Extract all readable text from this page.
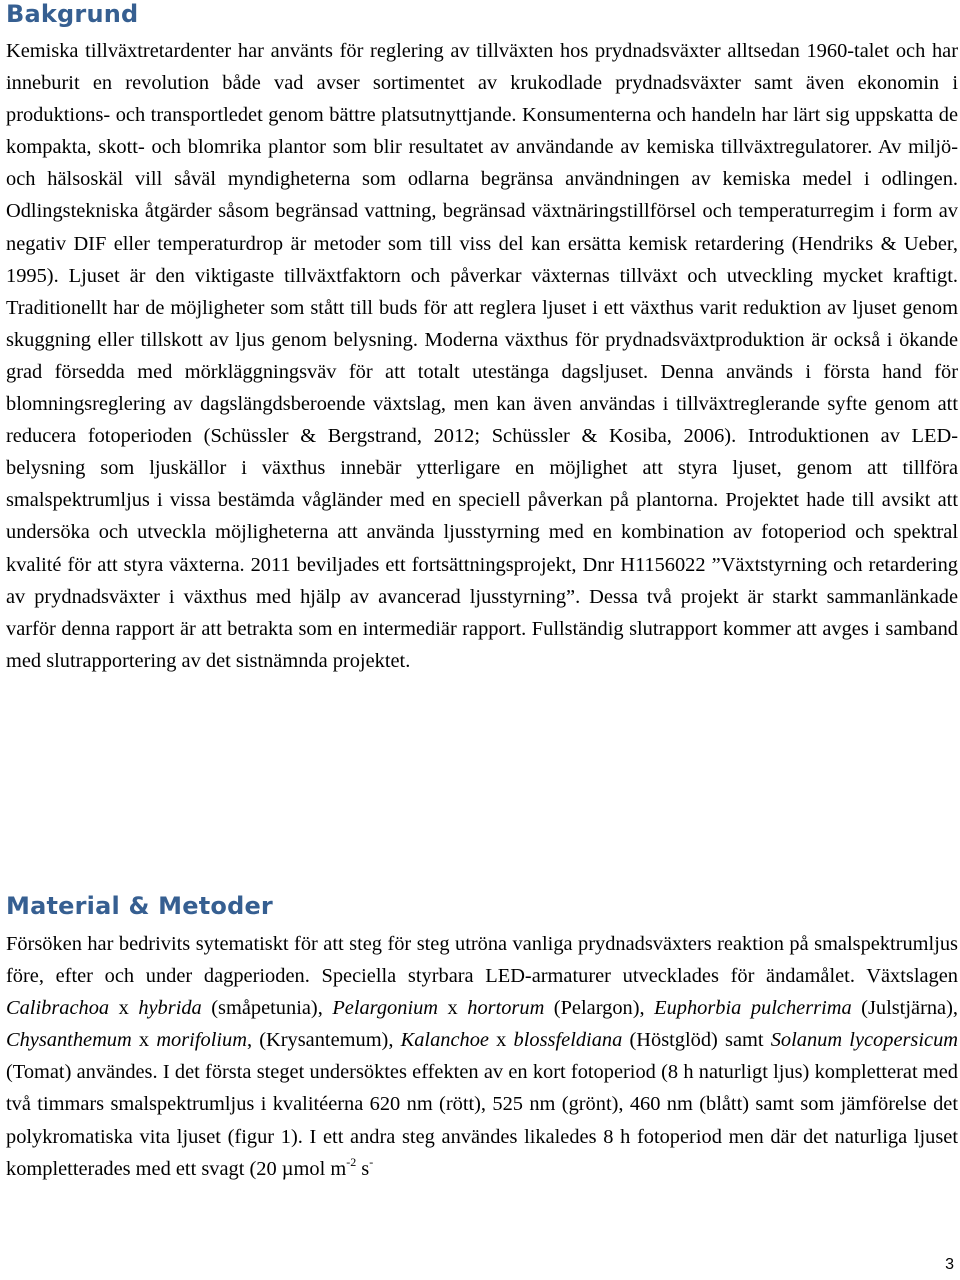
Bakgrund

Kemiska tillväxtretardenter har använts för reglering av tillväxten hos prydnadsväxter alltsedan 1960-talet och har inneburit en revolution både vad avser sortimentet av krukodlade prydnadsväxter samt även ekonomin i produktions- och transportledet genom bättre platsutnyttjande. Konsumenterna och handeln har lärt sig uppskatta de kompakta, skott- och blomrika plantor som blir resultatet av användande av kemiska tillväxtregulatorer. Av miljö- och hälsoskäl vill såväl myndigheterna som odlarna begränsa användningen av kemiska medel i odlingen. Odlingstekniska åtgärder såsom begränsad vattning, begränsad växtnäringstillförsel och temperaturregim i form av negativ DIF eller temperaturdrop är metoder som till viss del kan ersätta kemisk retardering (Hendriks & Ueber, 1995). Ljuset är den viktigaste tillväxtfaktorn och påverkar växternas tillväxt och utveckling mycket kraftigt. Traditionellt har de möjligheter som stått till buds för att reglera ljuset i ett växthus varit reduktion av ljuset genom skuggning eller tillskott av ljus genom belysning. Moderna växthus för prydnadsväxtproduktion är också i ökande grad försedda med mörkläggningsväv för att totalt utestänga dagsljuset. Denna används i första hand för blomningsreglering av dagslängdsberoende växtslag, men kan även användas i tillväxtreglerande syfte genom att reducera fotoperioden (Schüssler & Bergstrand, 2012; Schüssler & Kosiba, 2006). Introduktionen av LED-belysning som ljuskällor i växthus innebär ytterligare en möjlighet att styra ljuset, genom att tillföra smalspektrumljus i vissa bestämda vågländer med en speciell påverkan på plantorna. Projektet hade till avsikt att undersöka och utveckla möjligheterna att använda ljusstyrning med en kombination av fotoperiod och spektral kvalité för att styra växterna. 2011 beviljades ett fortsättningsprojekt, Dnr H1156022 ”Växtstyrning och retardering av prydnadsväxter i växthus med hjälp av avancerad ljusstyrning”. Dessa två projekt är starkt sammanlänkade varför denna rapport är att betrakta som en intermediär rapport. Fullständig slutrapport kommer att avges i samband med slutrapportering av det sistnämnda projektet.

Material & Metoder

Försöken har bedrivits sytematiskt för att steg för steg utröna vanliga prydnadsväxters reaktion på smalspektrumljus före, efter och under dagperioden. Speciella styrbara LED-armaturer utvecklades för ändamålet. Växtslagen Calibrachoa x hybrida (småpetunia), Pelargonium x hortorum (Pelargon), Euphorbia pulcherrima (Julstjärna), Chysanthemum x morifolium, (Krysantemum), Kalanchoe x blossfeldiana (Höstglöd) samt Solanum lycopersicum (Tomat) användes. I det första steget undersöktes effekten av en kort fotoperiod (8 h naturligt ljus) kompletterat med två timmars smalspektrumljus i kvalitéerna 620 nm (rött), 525 nm (grönt), 460 nm (blått) samt som jämförelse det polykromatiska vita ljuset (figur 1). I ett andra steg användes likaledes 8 h fotoperiod men där det naturliga ljuset kompletterades med ett svagt (20 µmol $m^{-2}$ s-

3
